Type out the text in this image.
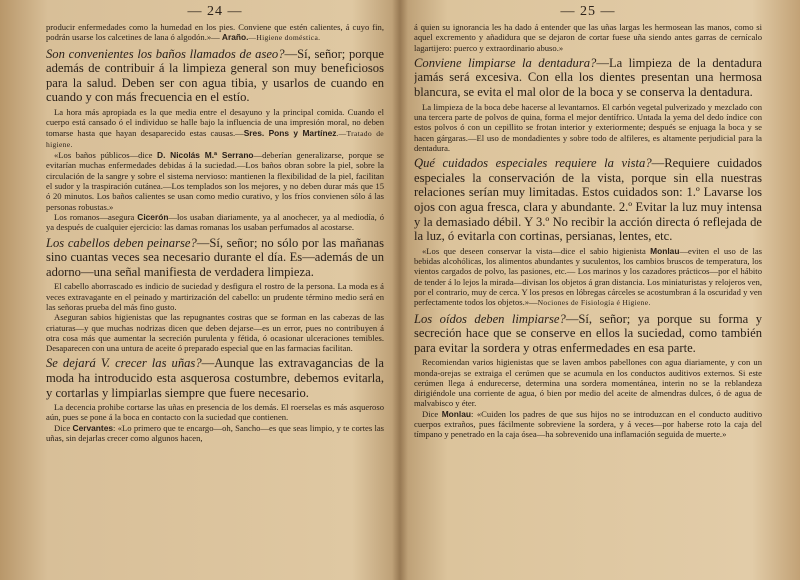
— 24 —

producir enfermedades como la humedad en los pies. Conviene que estén calientes, á cuyo fin, podrán usarse los calcetines de lana ó algodón.»— Araño.—Higiene doméstica.

Son convenientes los baños llamados de aseo?—Sí, señor; porque además de contribuir á la limpieza general son muy beneficiosos para la salud. Deben ser con agua tibia, y usarlos de cuando en cuando y con más frecuencia en el estío.

La hora más apropiada es la que media entre el desayuno y la principal comida. Cuando el cuerpo está cansado ó el individuo se halle bajo la influencia de una impresión moral, no deben tomarse hasta que hayan desaparecido estas causas.—Sres. Pons y Martínez.—Tratado de higiene.

«Los baños públicos—dice D. Nicolás M.ª Serrano—deberían generalizarse, porque se evitarían muchas enfermedades debidas á la suciedad.—Los baños obran sobre la piel, sobre la circulación de la sangre y sobre el sistema nervioso: mantienen la flexibilidad de la piel, facilitan el sudor y la traspiración cutánea.—Los templados son los mejores, y no deben durar más que 15 ó 20 minutos. Los baños calientes se usan como medio curativo, y los fríos convienen sólo á las personas robustas.»

Los romanos—asegura Cicerón—los usaban diariamente, ya al anochecer, ya al mediodía, ó ya después de cualquier ejercicio: las damas romanas los usaban perfumados al acostarse.

Los cabellos deben peinarse?—Sí, señor; no sólo por las mañanas sino cuantas veces sea necesario durante el día. Es—además de un adorno—una señal manifiesta de verdadera limpieza.

El cabello aborrascado es indicio de suciedad y desfigura el rostro de la persona. La moda es á veces extravagante en el peinado y martirización del cabello: un prudente término medio será en las señoras prueba del más fino gusto.

Aseguran sabios higienistas que las repugnantes costras que se forman en las cabezas de las criaturas—y que muchas nodrizas dicen que deben dejarse—es un error, pues no contribuyen á otra cosa más que aumentar la secreción purulenta y fétida, ó ocasionar ulceraciones temibles. Desaparecen con una untura de aceite ó preparado especial que en las farmacias facilitan.

Se dejará V. crecer las uñas?—Aunque las extravagancias de la moda ha introducido esta asquerosa costumbre, debemos evitarla, y cortarlas y limpiarlas siempre que fuere necesario.

La decencia prohibe cortarse las uñas en presencia de los demás. El roerselas es más asqueroso aún, pues se pone á la boca en contacto con la suciedad que contienen.

Dice Cervantes: «Lo primero que te encargo—oh, Sancho—es que seas limpio, y te cortes las uñas, sin dejarlas crecer como algunos hacen,

— 25 —

á quien su ignorancia les ha dado á entender que las uñas largas les hermosean las manos, como si aquel excremento y añadidura que se dejaron de cortar fuese uña siendo antes garras de cernícalo lagartijero: puerco y extraordinario abuso.»

Conviene limpiarse la dentadura?—La limpieza de la dentadura jamás será excesiva. Con ella los dientes presentan una hermosa blancura, se evita el mal olor de la boca y se conserva la dentadura.

La limpieza de la boca debe hacerse al levantarnos. El carbón vegetal pulverizado y mezclado con una tercera parte de polvos de quina, forma el mejor dentífrico. Untada la yema del dedo índice con estos polvos ó con un cepillito se frotan interior y exteriormente; después se enjuaga la boca y se hacen gárgaras.—El uso de mondadientes y sobre todo de alfileres, es altamente perjudicial para la dentadura.

Qué cuidados especiales requiere la vista?—Requiere cuidados especiales la conservación de la vista, porque sin ella nuestras relaciones serían muy limitadas. Estos cuidados son: 1.º Lavarse los ojos con agua fresca, clara y abundante. 2.º Evitar la luz muy intensa y la demasiado débil. Y 3.º No recibir la acción directa ó reflejada de la luz, ó evitarla con cortinas, persianas, lentes, etc.

«Los que deseen conservar la vista—dice el sabio higienista Monlau—eviten el uso de las bebidas alcohólicas, los alimentos abundantes y suculentos, los cambios bruscos de temperatura, los vientos cargados de polvo, las pasiones, etc.— Los marinos y los cazadores prácticos—por el hábito de tender á lo lejos la mirada—divisan los objetos á gran distancia. Los miniaturistas y relojeros ven, por el contrario, muy de cerca. Y los presos en lóbregas cárceles se acostumbran á la oscuridad y ven perfectamente todos los objetos.»—Nociones de Fisiología é Higiene.

Los oídos deben limpiarse?—Sí, señor; ya porque su forma y secreción hace que se conserve en ellos la suciedad, como también para evitar la sordera y otras enfermedades en esa parte.

Recomiendan varios higienistas que se laven ambos pabellones con agua diariamente, y con un monda-orejas se extraiga el cerúmen que se acumula en los conductos auditivos externos. Si este cerúmen llega á endurecerse, determina una sordera momentánea, interin no se la reblandeza dirigiéndole una corriente de agua, ó bien por medio del aceite de almendras dulces, ó de agua de malvabisco y éter.

Dice Monlau: «Cuiden los padres de que sus hijos no se introduzcan en el conducto auditivo cuerpos extraños, pues fácilmente sobreviene la sordera, y á veces—por haberse roto la caja del tímpano y penetrado en la caja ósea—ha sobrevenido una inflamación seguida de muerte.»
